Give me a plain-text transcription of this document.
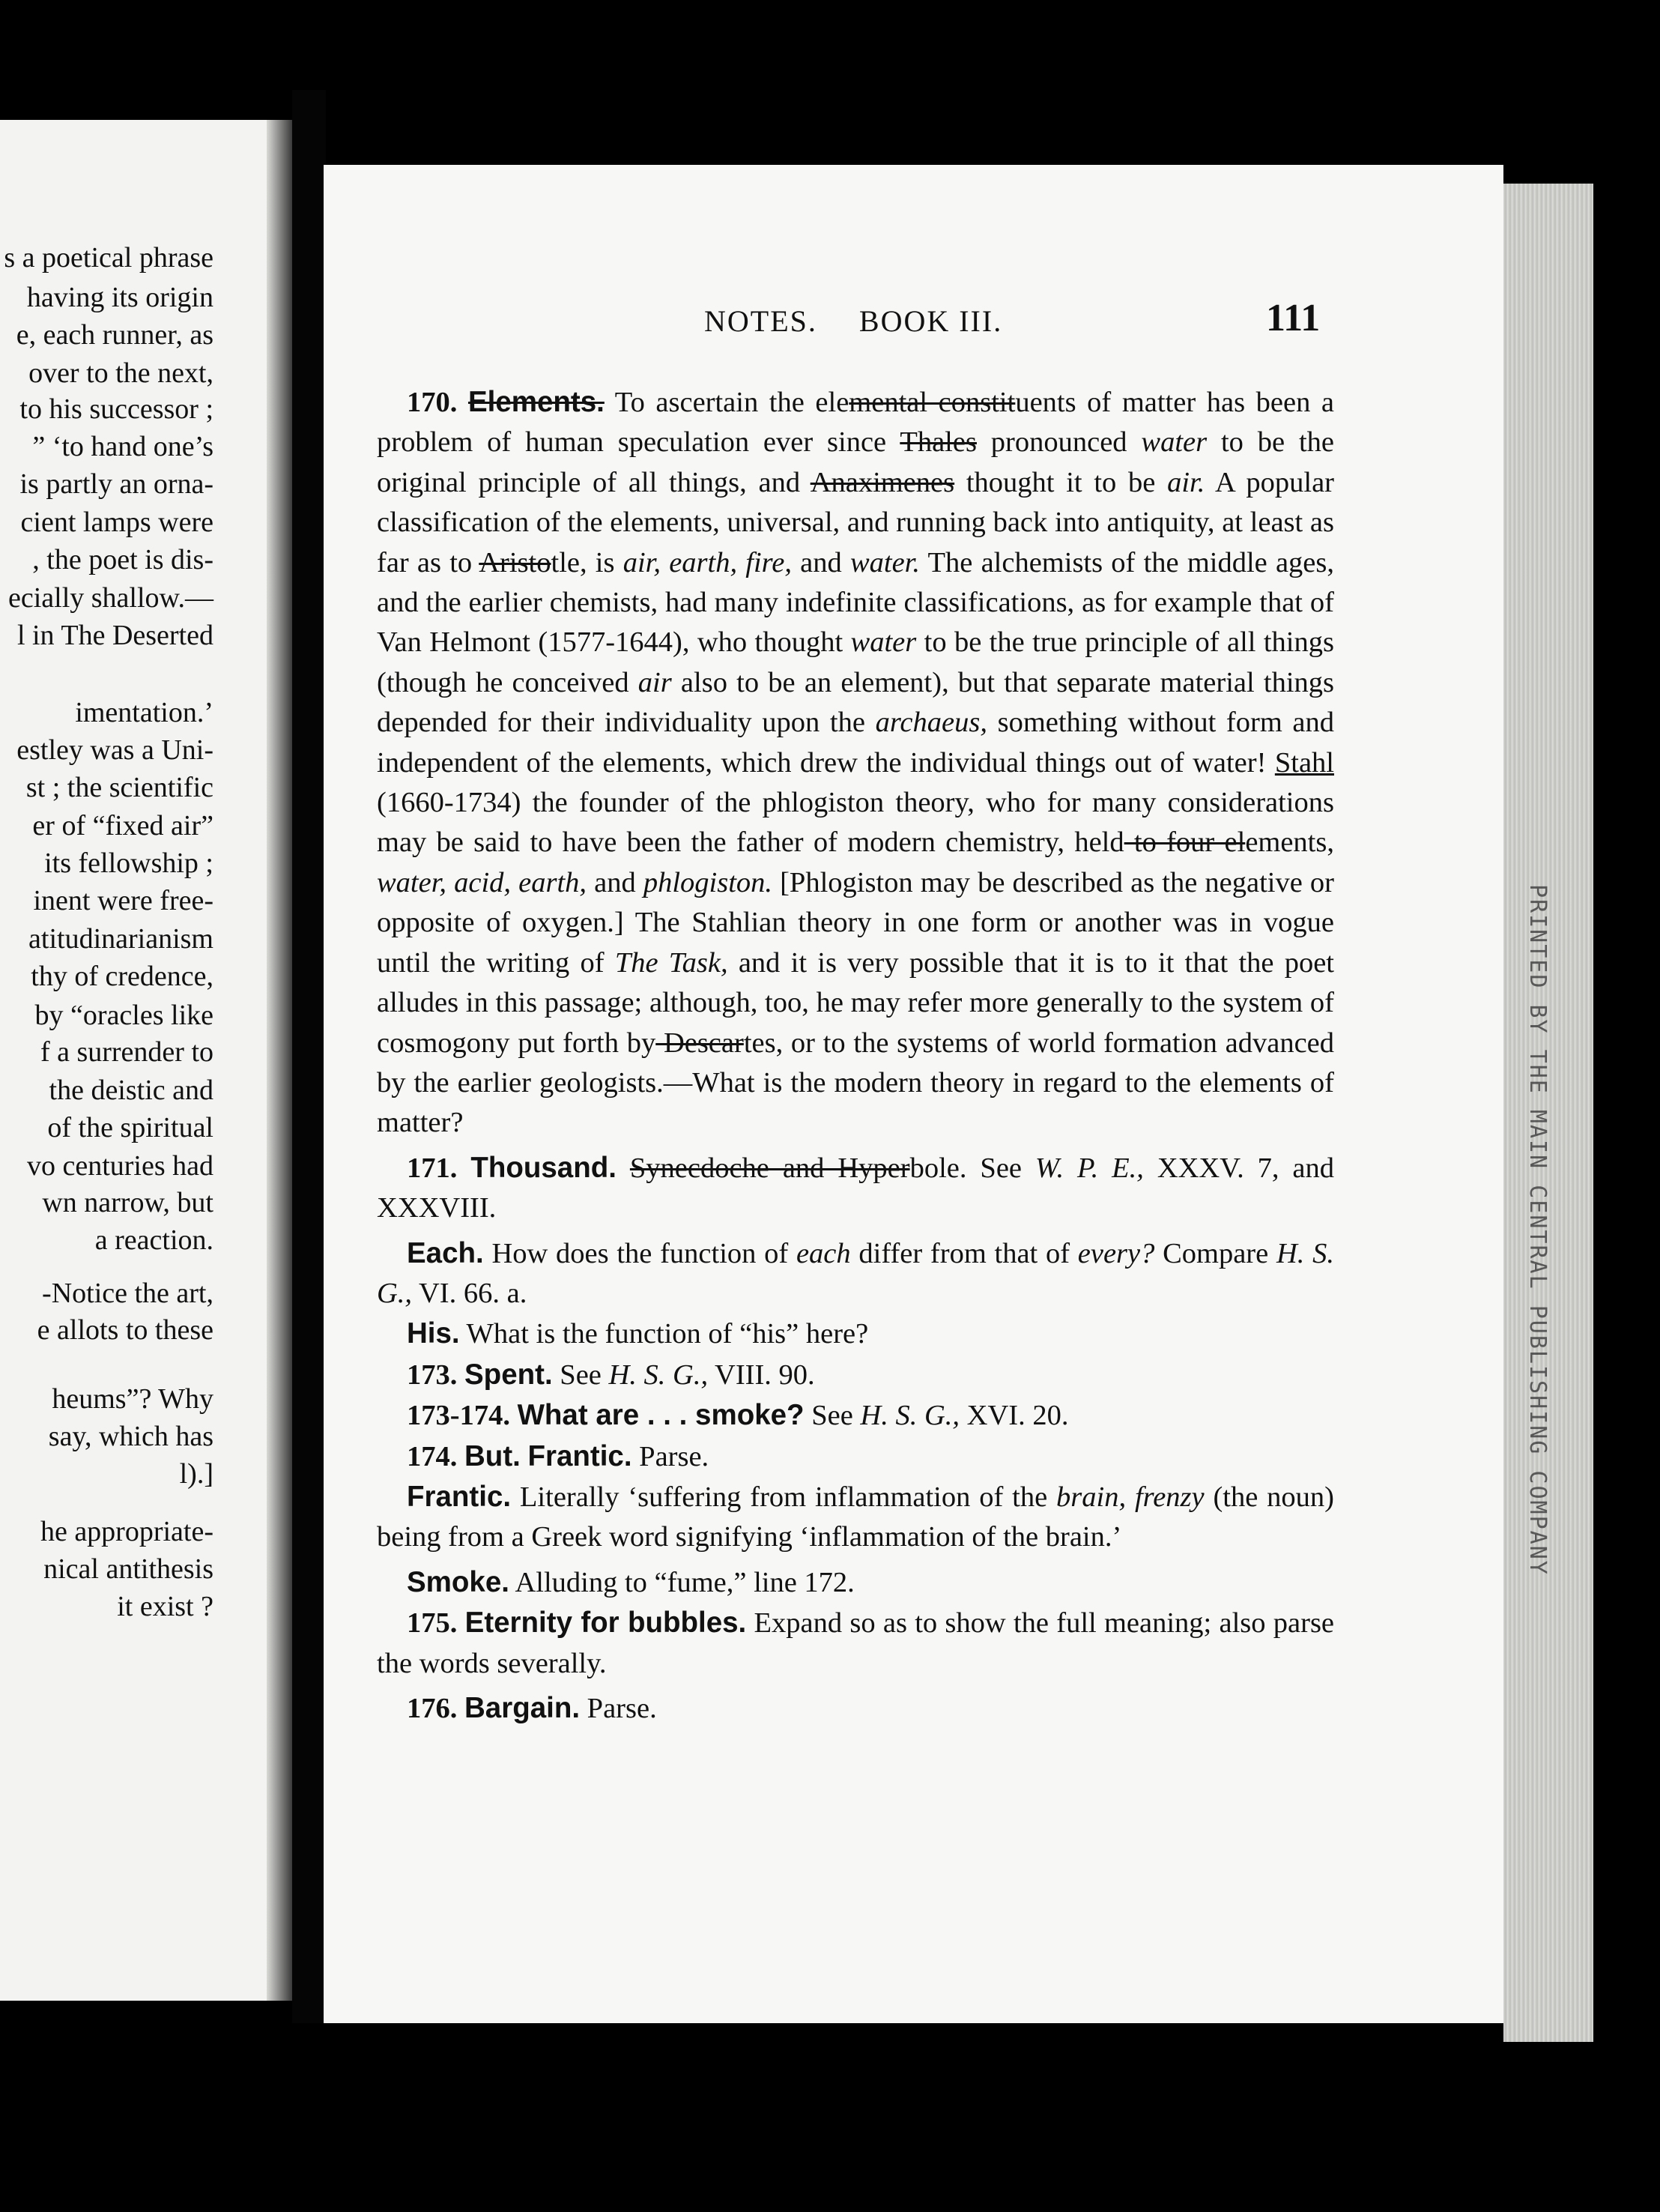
s a poetical phrase
having its origin
e, each runner, as
over to the next,
to his successor ;
” ‘to hand one’s
is partly an orna-
cient lamps were
, the poet is dis-
ecially shallow.—
l in The Deserted
imentation.’
estley was a Uni-
st ; the scientific
er of “fixed air”
its fellowship ;
inent were free-
atitudinarianism
thy of credence,
by “oracles like
f a surrender to
the deistic and
of the spiritual
vo centuries had
wn narrow, but
a reaction.
-Notice the art,
e allots to these
heums”? Why
say, which has
l).]
he appropriate-
nical antithesis
it exist ?
PRINTED BY THE MAIN CENTRAL PUBLISHING COMPANY
NOTES. BOOK III.	111

170. Elements. To ascertain the elemental constituents of matter has been a problem of human speculation ever since Thales pronounced water to be the original principle of all things, and Anaximenes thought it to be air. A popular classification of the elements, universal, and running back into antiquity, at least as far as to Aristotle, is air, earth, fire, and water. The alchemists of the middle ages, and the earlier chemists, had many indefinite classifications, as for example that of Van Helmont (1577-1644), who thought water to be the true principle of all things (though he conceived air also to be an element), but that separate material things depended for their individuality upon the archaeus, something without form and independent of the elements, which drew the individual things out of water! Stahl (1660-1734) the founder of the phlogiston theory, who for many considerations may be said to have been the father of modern chemistry, held to four elements, water, acid, earth, and phlogiston. [Phlogiston may be described as the negative or opposite of oxygen.] The Stahlian theory in one form or another was in vogue until the writing of The Task, and it is very possible that it is to it that the poet alludes in this passage; although, too, he may refer more generally to the system of cosmogony put forth by Descartes, or to the systems of world formation advanced by the earlier geologists.—What is the modern theory in regard to the elements of matter?

171. Thousand. Synecdoche and Hyperbole. See W. P. E., XXXV. 7, and XXXVIII.

Each. How does the function of each differ from that of every? Compare H. S. G., VI. 66. a.

His. What is the function of “his” here?

173. Spent. See H. S. G., VIII. 90.

173-174. What are . . . smoke? See H. S. G., XVI. 20.

174. But. Frantic. Parse.

Frantic. Literally ‘suffering from inflammation of the brain, frenzy (the noun) being from a Greek word signifying ‘inflammation of the brain.’

Smoke. Alluding to “fume,” line 172.

175. Eternity for bubbles. Expand so as to show the full meaning; also parse the words severally.

176. Bargain. Parse.
